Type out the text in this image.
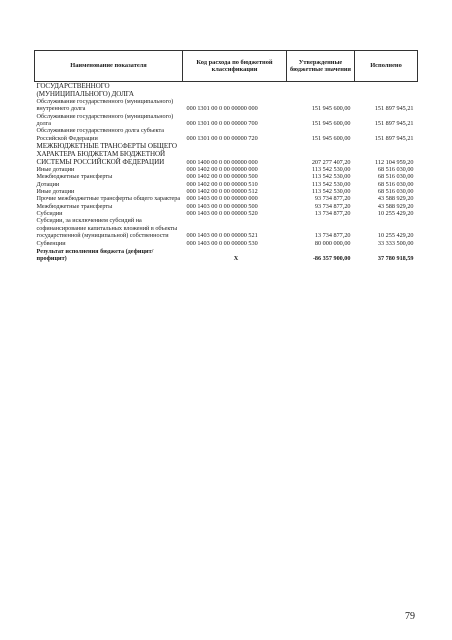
Наименование показателя	Код расхода по бюджетной классификации	Утвержденные бюджетные значения	Исполнено
ГОСУДАРСТВЕННОГО (МУНИЦИПАЛЬНОГО) ДОЛГА			
Обслуживание государственного (муниципального) внутреннего долга	000 1301 00 0 00 00000 000	151 945 600,00	151 897 945,21
Обслуживание государственного (муниципального) долга	000 1301 00 0 00 00000 700	151 945 600,00	151 897 945,21
Обслуживание государственного долга субъекта Российской Федерации	000 1301 00 0 00 00000 720	151 945 600,00	151 897 945,21
МЕЖБЮДЖЕТНЫЕ ТРАНСФЕРТЫ ОБЩЕГО ХАРАКТЕРА БЮДЖЕТАМ БЮДЖЕТНОЙ СИСТЕМЫ РОССИЙСКОЙ ФЕДЕРАЦИИ	000 1400 00 0 00 00000 000	207 277 407,20	112 104 959,20
Иные дотации	000 1402 00 0 00 00000 000	113 542 530,00	68 516 030,00
Межбюджетные трансферты	000 1402 00 0 00 00000 500	113 542 530,00	68 516 030,00
Дотации	000 1402 00 0 00 00000 510	113 542 530,00	68 516 030,00
Иные дотации	000 1402 00 0 00 00000 512	113 542 530,00	68 516 030,00
Прочие межбюджетные трансферты общего характера	000 1403 00 0 00 00000 000	93 734 877,20	43 588 929,20
Межбюджетные трансферты	000 1403 00 0 00 00000 500	93 734 877,20	43 588 929,20
Субсидии	000 1403 00 0 00 00000 520	13 734 877,20	10 255 429,20
Субсидии, за исключением субсидий на софинансирование капитальных вложений в объекты государственной (муниципальной) собственности	000 1403 00 0 00 00000 521	13 734 877,20	10 255 429,20
Субвенции	000 1403 00 0 00 00000 530	80 000 000,00	33 333 500,00
Результат исполнения бюджета (дефицит/профицит)	Х	-86 357 900,00	37 780 918,59
79
